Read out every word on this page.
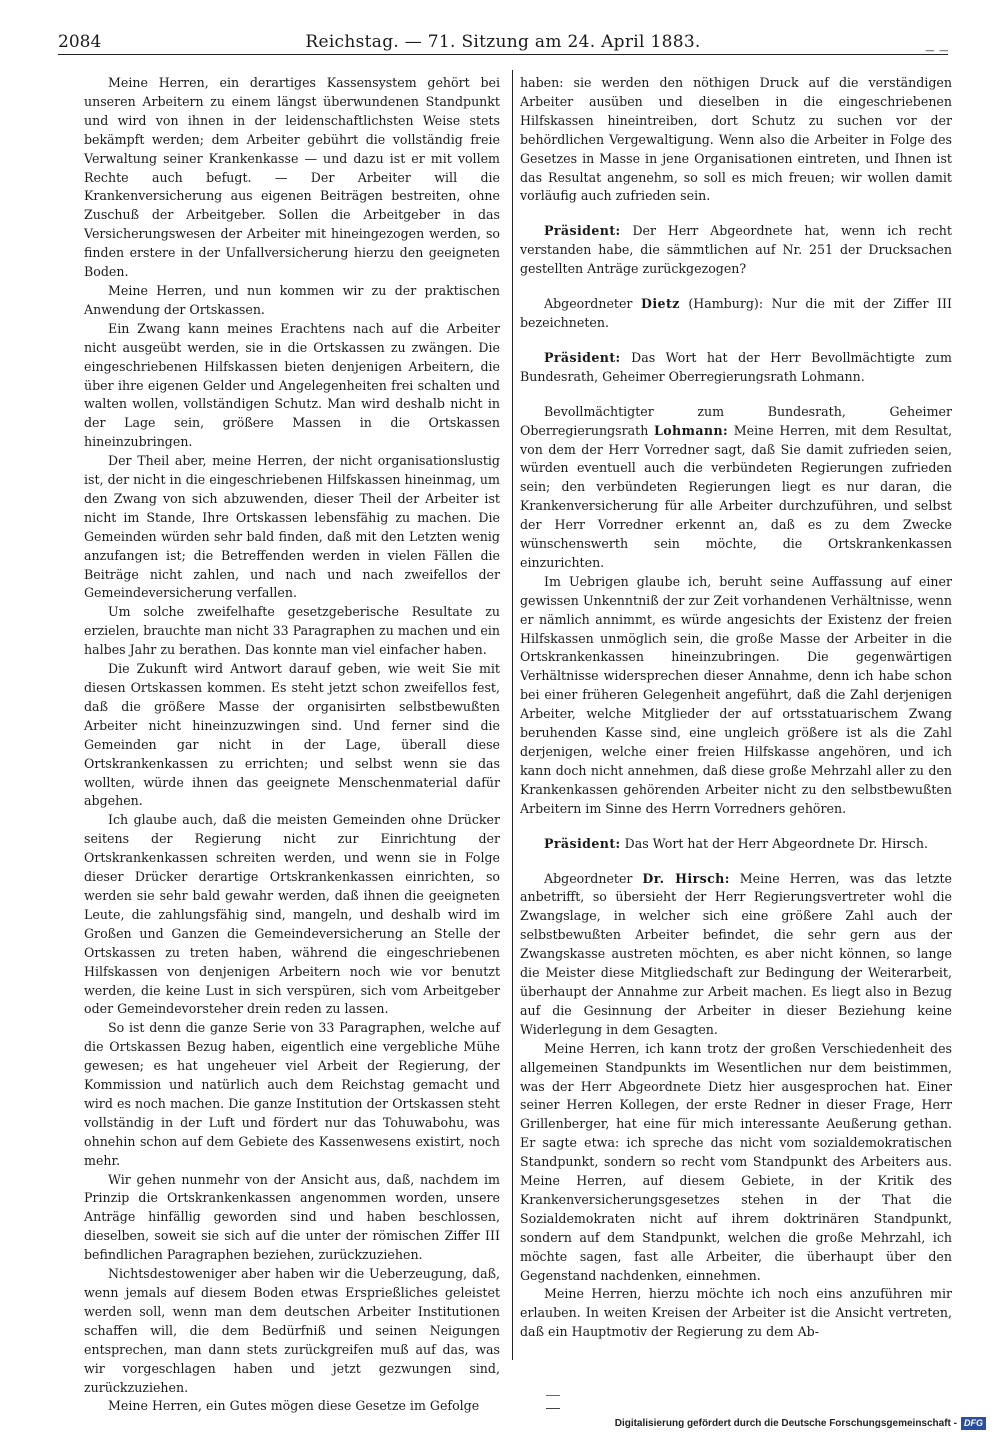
2084	Reichstag. — 71. Sitzung am 24. April 1883.	_ _

Meine Herren, ein derartiges Kassensystem gehört bei unseren Arbeitern zu einem längst überwundenen Standpunkt und wird von ihnen in der leidenschaftlichsten Weise stets bekämpft werden; dem Arbeiter gebührt die vollständig freie Verwaltung seiner Krankenkasse — und dazu ist er mit vollem Rechte auch befugt. — Der Arbeiter will die Krankenversicherung aus eigenen Beiträgen bestreiten, ohne Zuschuß der Arbeitgeber. Sollen die Arbeitgeber in das Versicherungswesen der Arbeiter mit hineingezogen werden, so finden erstere in der Unfallversicherung hierzu den geeigneten Boden.

Meine Herren, und nun kommen wir zu der praktischen Anwendung der Ortskassen.

Ein Zwang kann meines Erachtens nach auf die Arbeiter nicht ausgeübt werden, sie in die Ortskassen zu zwängen. Die eingeschriebenen Hilfskassen bieten denjenigen Arbeitern, die über ihre eigenen Gelder und Angelegenheiten frei schalten und walten wollen, vollständigen Schutz. Man wird deshalb nicht in der Lage sein, größere Massen in die Ortskassen hineinzubringen.

Der Theil aber, meine Herren, der nicht organisationslustig ist, der nicht in die eingeschriebenen Hilfskassen hineinmag, um den Zwang von sich abzuwenden, dieser Theil der Arbeiter ist nicht im Stande, Ihre Ortskassen lebensfähig zu machen. Die Gemeinden würden sehr bald finden, daß mit den Letzten wenig anzufangen ist; die Betreffenden werden in vielen Fällen die Beiträge nicht zahlen, und nach und nach zweifellos der Gemeindeversicherung verfallen.

Um solche zweifelhafte gesetzgeberische Resultate zu erzielen, brauchte man nicht 33 Paragraphen zu machen und ein halbes Jahr zu berathen. Das konnte man viel einfacher haben.

Die Zukunft wird Antwort darauf geben, wie weit Sie mit diesen Ortskassen kommen. Es steht jetzt schon zweifellos fest, daß die größere Masse der organisirten selbstbewußten Arbeiter nicht hineinzuzwingen sind. Und ferner sind die Gemeinden gar nicht in der Lage, überall diese Ortskrankenkassen zu errichten; und selbst wenn sie das wollten, würde ihnen das geeignete Menschenmaterial dafür abgehen.

Ich glaube auch, daß die meisten Gemeinden ohne Drücker seitens der Regierung nicht zur Einrichtung der Ortskrankenkassen schreiten werden, und wenn sie in Folge dieser Drücker derartige Ortskrankenkassen einrichten, so werden sie sehr bald gewahr werden, daß ihnen die geeigneten Leute, die zahlungsfähig sind, mangeln, und deshalb wird im Großen und Ganzen die Gemeindeversicherung an Stelle der Ortskassen zu treten haben, während die eingeschriebenen Hilfskassen von denjenigen Arbeitern noch wie vor benutzt werden, die keine Lust in sich verspüren, sich vom Arbeitgeber oder Gemeindevorsteher drein reden zu lassen.

So ist denn die ganze Serie von 33 Paragraphen, welche auf die Ortskassen Bezug haben, eigentlich eine vergebliche Mühe gewesen; es hat ungeheuer viel Arbeit der Regierung, der Kommission und natürlich auch dem Reichstag gemacht und wird es noch machen. Die ganze Institution der Ortskassen steht vollständig in der Luft und fördert nur das Tohuwabohu, was ohnehin schon auf dem Gebiete des Kassenwesens existirt, noch mehr.

Wir gehen nunmehr von der Ansicht aus, daß, nachdem im Prinzip die Ortskrankenkassen angenommen worden, unsere Anträge hinfällig geworden sind und haben beschlossen, dieselben, soweit sie sich auf die unter der römischen Ziffer III befindlichen Paragraphen beziehen, zurückzuziehen.

Nichtsdestoweniger aber haben wir die Ueberzeugung, daß, wenn jemals auf diesem Boden etwas Ersprießliches geleistet werden soll, wenn man dem deutschen Arbeiter Institutionen schaffen will, die dem Bedürfniß und seinen Neigungen entsprechen, man dann stets zurückgreifen muß auf das, was wir vorgeschlagen haben und jetzt gezwungen sind, zurückzuziehen.

Meine Herren, ein Gutes mögen diese Gesetze im Gefolge

haben: sie werden den nöthigen Druck auf die verständigen Arbeiter ausüben und dieselben in die eingeschriebenen Hilfskassen hineintreiben, dort Schutz zu suchen vor der behördlichen Vergewaltigung. Wenn also die Arbeiter in Folge des Gesetzes in Masse in jene Organisationen eintreten, und Ihnen ist das Resultat angenehm, so soll es mich freuen; wir wollen damit vorläufig auch zufrieden sein.

Präsident: Der Herr Abgeordnete hat, wenn ich recht verstanden habe, die sämmtlichen auf Nr. 251 der Drucksachen gestellten Anträge zurückgezogen?

Abgeordneter Dietz (Hamburg): Nur die mit der Ziffer III bezeichneten.

Präsident: Das Wort hat der Herr Bevollmächtigte zum Bundesrath, Geheimer Oberregierungsrath Lohmann.

Bevollmächtigter zum Bundesrath, Geheimer Oberregierungsrath Lohmann: Meine Herren, mit dem Resultat, von dem der Herr Vorredner sagt, daß Sie damit zufrieden seien, würden eventuell auch die verbündeten Regierungen zufrieden sein; den verbündeten Regierungen liegt es nur daran, die Krankenversicherung für alle Arbeiter durchzuführen, und selbst der Herr Vorredner erkennt an, daß es zu dem Zwecke wünschenswerth sein möchte, die Ortskrankenkassen einzurichten.

Im Uebrigen glaube ich, beruht seine Auffassung auf einer gewissen Unkenntniß der zur Zeit vorhandenen Verhältnisse, wenn er nämlich annimmt, es würde angesichts der Existenz der freien Hilfskassen unmöglich sein, die große Masse der Arbeiter in die Ortskrankenkassen hineinzubringen. Die gegenwärtigen Verhältnisse widersprechen dieser Annahme, denn ich habe schon bei einer früheren Gelegenheit angeführt, daß die Zahl derjenigen Arbeiter, welche Mitglieder der auf ortsstatuarischem Zwang beruhenden Kasse sind, eine ungleich größere ist als die Zahl derjenigen, welche einer freien Hilfskasse angehören, und ich kann doch nicht annehmen, daß diese große Mehrzahl aller zu den Krankenkassen gehörenden Arbeiter nicht zu den selbstbewußten Arbeitern im Sinne des Herrn Vorredners gehören.

Präsident: Das Wort hat der Herr Abgeordnete Dr. Hirsch.

Abgeordneter Dr. Hirsch: Meine Herren, was das letzte anbetrifft, so übersieht der Herr Regierungsvertreter wohl die Zwangslage, in welcher sich eine größere Zahl auch der selbstbewußten Arbeiter befindet, die sehr gern aus der Zwangskasse austreten möchten, es aber nicht können, so lange die Meister diese Mitgliedschaft zur Bedingung der Weiterarbeit, überhaupt der Annahme zur Arbeit machen. Es liegt also in Bezug auf die Gesinnung der Arbeiter in dieser Beziehung keine Widerlegung in dem Gesagten.

Meine Herren, ich kann trotz der großen Verschiedenheit des allgemeinen Standpunkts im Wesentlichen nur dem beistimmen, was der Herr Abgeordnete Dietz hier ausgesprochen hat. Einer seiner Herren Kollegen, der erste Redner in dieser Frage, Herr Grillenberger, hat eine für mich interessante Aeußerung gethan. Er sagte etwa: ich spreche das nicht vom sozialdemokratischen Standpunkt, sondern so recht vom Standpunkt des Arbeiters aus. Meine Herren, auf diesem Gebiete, in der Kritik des Krankenversicherungsgesetzes stehen in der That die Sozialdemokraten nicht auf ihrem doktrinären Standpunkt, sondern auf dem Standpunkt, welchen die große Mehrzahl, ich möchte sagen, fast alle Arbeiter, die überhaupt über den Gegenstand nachdenken, einnehmen.

Meine Herren, hierzu möchte ich noch eins anzuführen mir erlauben. In weiten Kreisen der Arbeiter ist die Ansicht vertreten, daß ein Hauptmotiv der Regierung zu dem Ab-

Digitalisierung gefördert durch die Deutsche Forschungsgemeinschaft - DFG
